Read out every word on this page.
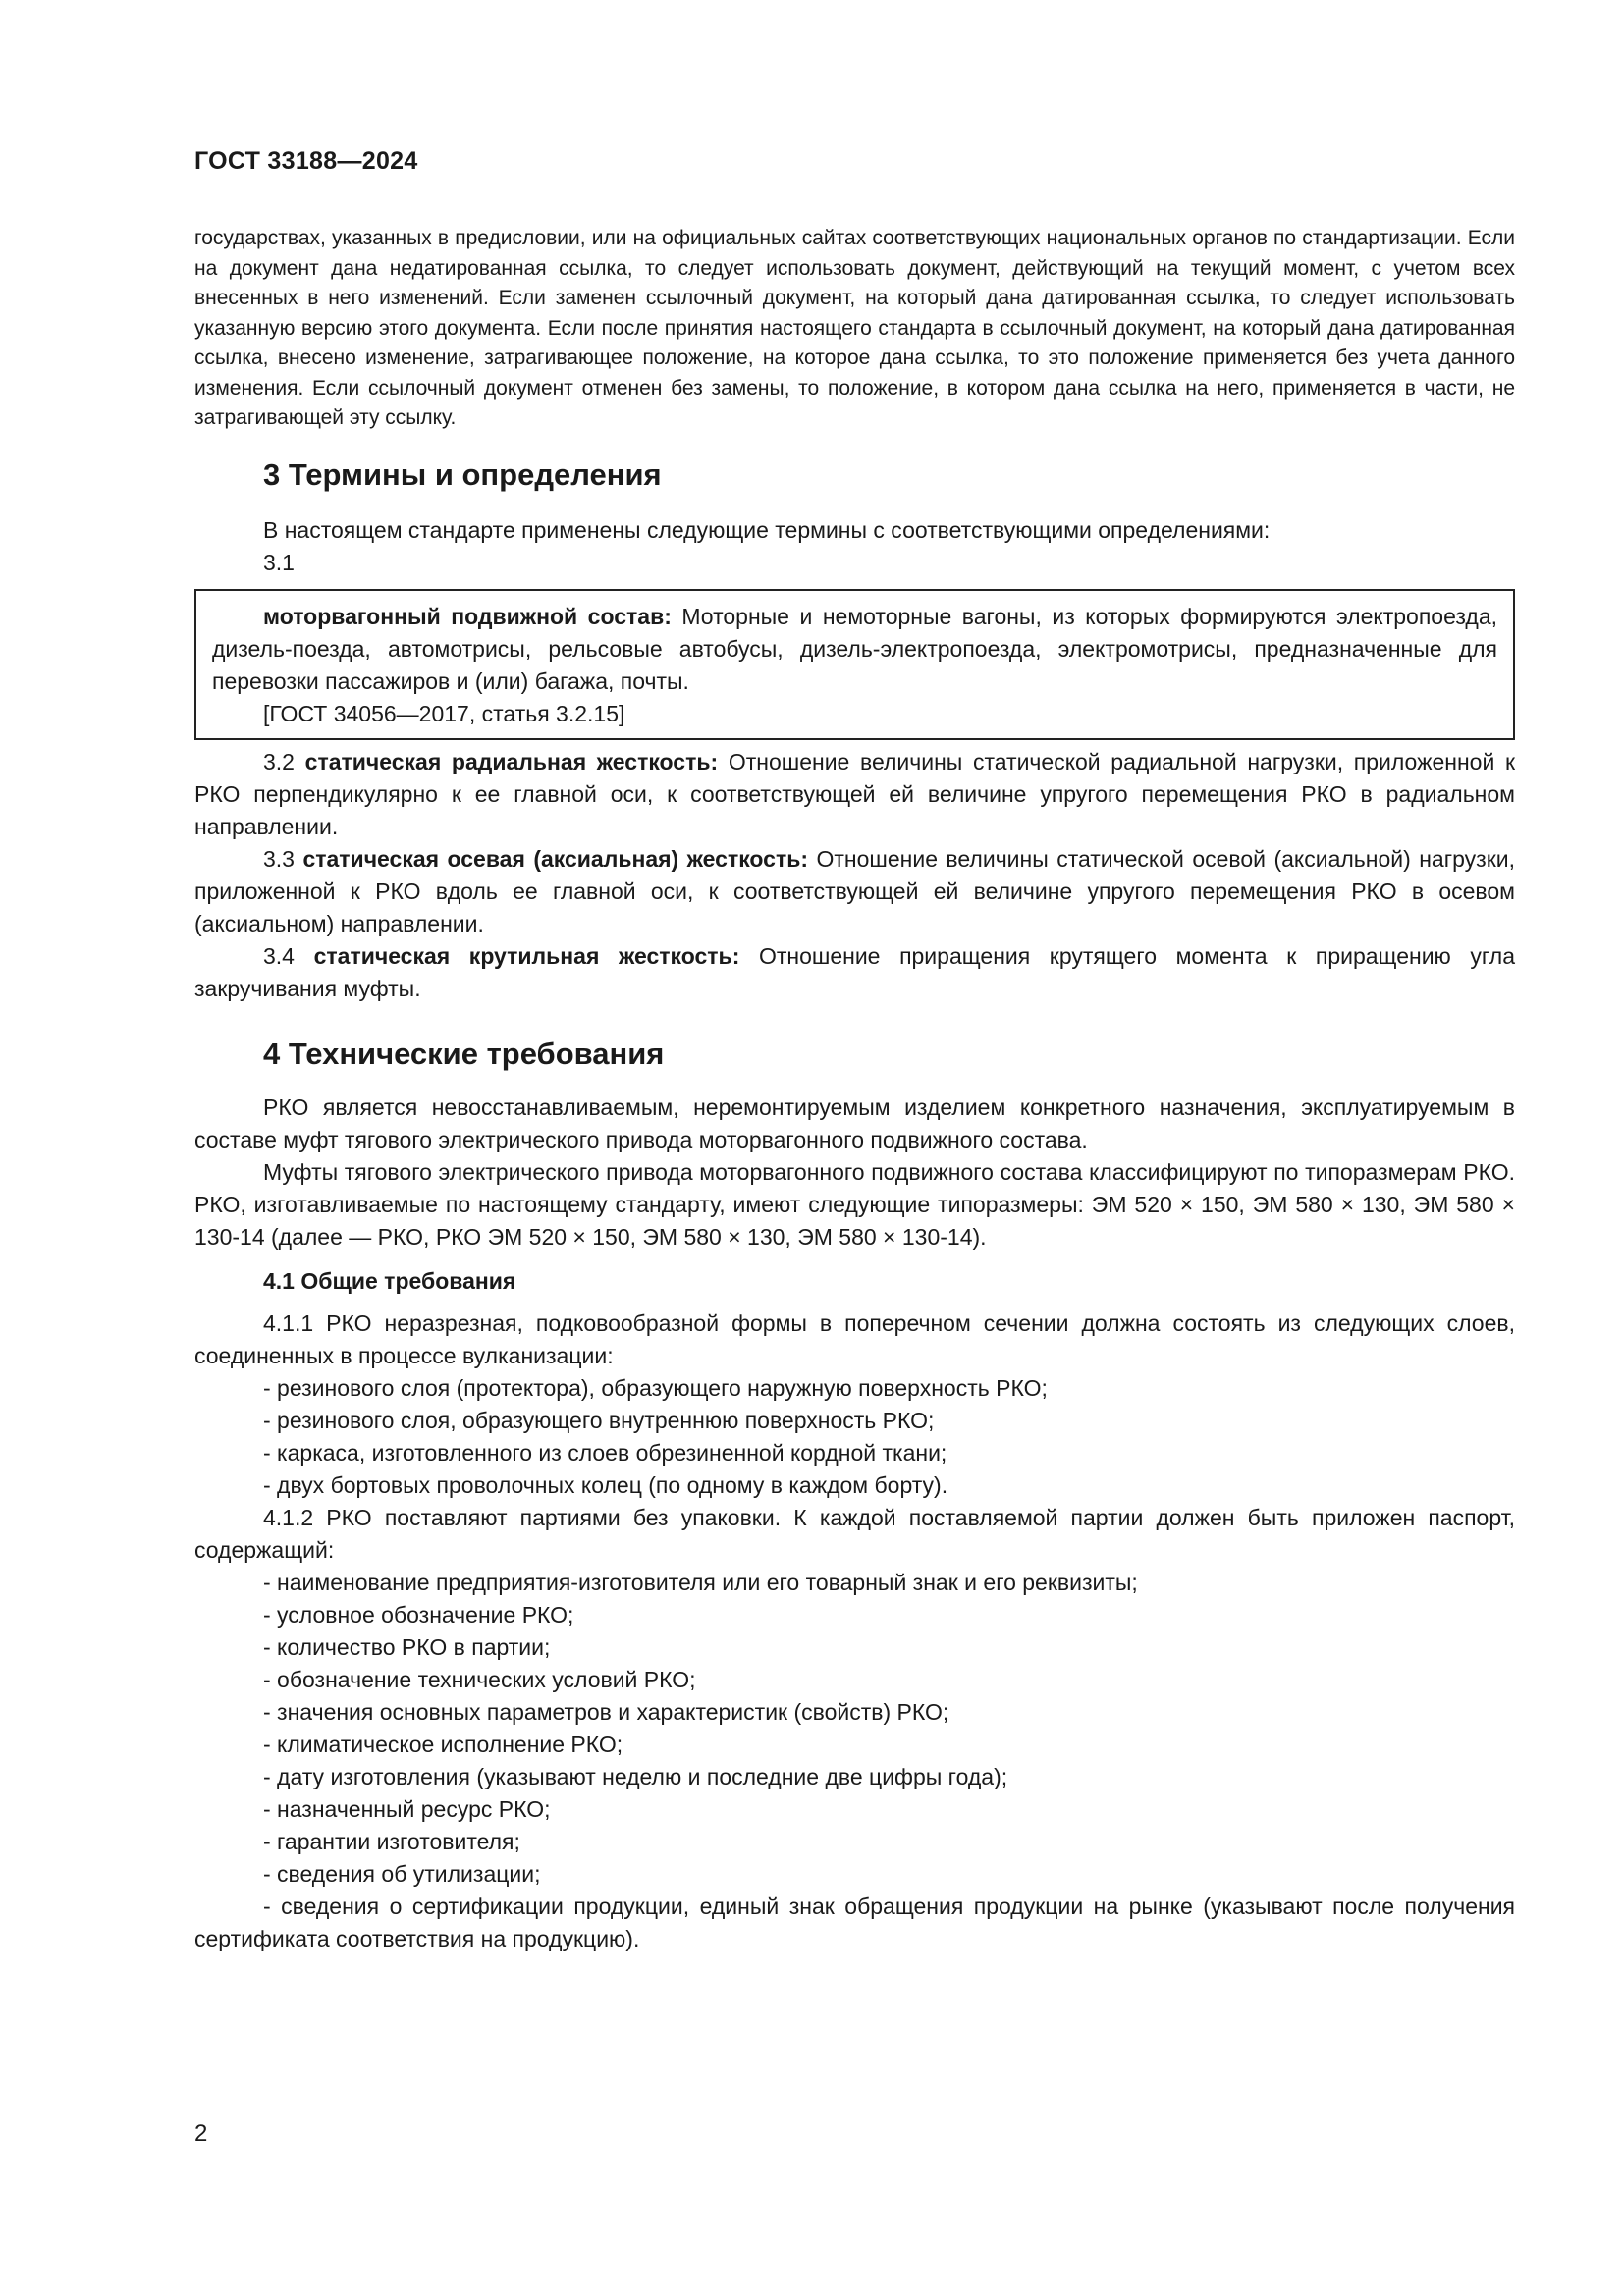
ГОСТ 33188—2024

государствах, указанных в предисловии, или на официальных сайтах соответствующих национальных органов по стандартизации. Если на документ дана недатированная ссылка, то следует использовать документ, действующий на текущий момент, с учетом всех внесенных в него изменений. Если заменен ссылочный документ, на который дана датированная ссылка, то следует использовать указанную версию этого документа. Если после принятия настоящего стандарта в ссылочный документ, на который дана датированная ссылка, внесено изменение, затрагивающее положение, на которое дана ссылка, то это положение применяется без учета данного изменения. Если ссылочный документ отменен без замены, то положение, в котором дана ссылка на него, применяется в части, не затрагивающей эту ссылку.

3 Термины и определения

В настоящем стандарте применены следующие термины с соответствующими определениями:

3.1

моторвагонный подвижной состав: Моторные и немоторные вагоны, из которых формируются электропоезда, дизель-поезда, автомотрисы, рельсовые автобусы, дизель-электропоезда, электромотрисы, предназначенные для перевозки пассажиров и (или) багажа, почты.

[ГОСТ 34056—2017, статья 3.2.15]

3.2 статическая радиальная жесткость: Отношение величины статической радиальной нагрузки, приложенной к РКО перпендикулярно к ее главной оси, к соответствующей ей величине упругого перемещения РКО в радиальном направлении.

3.3 статическая осевая (аксиальная) жесткость: Отношение величины статической осевой (аксиальной) нагрузки, приложенной к РКО вдоль ее главной оси, к соответствующей ей величине упругого перемещения РКО в осевом (аксиальном) направлении.

3.4 статическая крутильная жесткость: Отношение приращения крутящего момента к приращению угла закручивания муфты.

4 Технические требования

РКО является невосстанавливаемым, неремонтируемым изделием конкретного назначения, эксплуатируемым в составе муфт тягового электрического привода моторвагонного подвижного состава.

Муфты тягового электрического привода моторвагонного подвижного состава классифицируют по типоразмерам РКО. РКО, изготавливаемые по настоящему стандарту, имеют следующие типоразмеры: ЭМ 520 × 150, ЭМ 580 × 130, ЭМ 580 × 130-14 (далее — РКО, РКО ЭМ 520 × 150, ЭМ 580 × 130, ЭМ 580 × 130-14).

4.1 Общие требования

4.1.1 РКО неразрезная, подковообразной формы в поперечном сечении должна состоять из следующих слоев, соединенных в процессе вулканизации:

- резинового слоя (протектора), образующего наружную поверхность РКО;
- резинового слоя, образующего внутреннюю поверхность РКО;
- каркаса, изготовленного из слоев обрезиненной кордной ткани;
- двух бортовых проволочных колец (по одному в каждом борту).

4.1.2 РКО поставляют партиями без упаковки. К каждой поставляемой партии должен быть приложен паспорт, содержащий:

- наименование предприятия-изготовителя или его товарный знак и его реквизиты;
- условное обозначение РКО;
- количество РКО в партии;
- обозначение технических условий РКО;
- значения основных параметров и характеристик (свойств) РКО;
- климатическое исполнение РКО;
- дату изготовления (указывают неделю и последние две цифры года);
- назначенный ресурс РКО;
- гарантии изготовителя;
- сведения об утилизации;

- сведения о сертификации продукции, единый знак обращения продукции на рынке (указывают после получения сертификата соответствия на продукцию).

2
